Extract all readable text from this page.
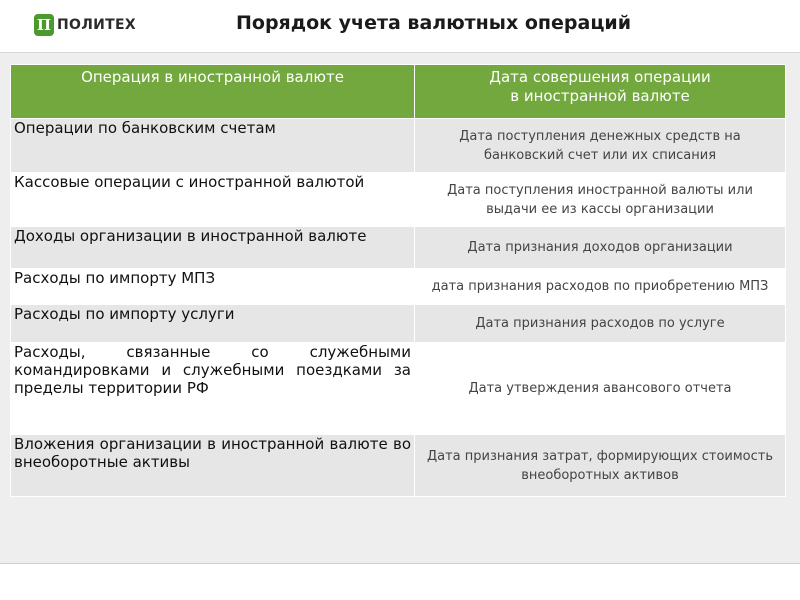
П ПОЛИТЕХ	Порядок учета валютных операций
Операция в иностранной валюте	Дата совершения операции
в иностранной валюте

Операции по банковским счетам	Дата поступления денежных средств на банковский счет или их списания
Кассовые операции с иностранной валютой	Дата поступления иностранной валюты или выдачи ее из кассы организации
Доходы организации в иностранной валюте	Дата признания доходов организации
Расходы по импорту МПЗ	дата признания расходов по приобретению МПЗ
Расходы по импорту услуги	Дата признания расходов по услуге
Расходы, связанные со служебными командировками и служебными поездками за пределы территории РФ	Дата утверждения авансового отчета
Вложения организации в иностранной валюте во внеоборотные активы	Дата признания затрат, формирующих стоимость внеоборотных активов
